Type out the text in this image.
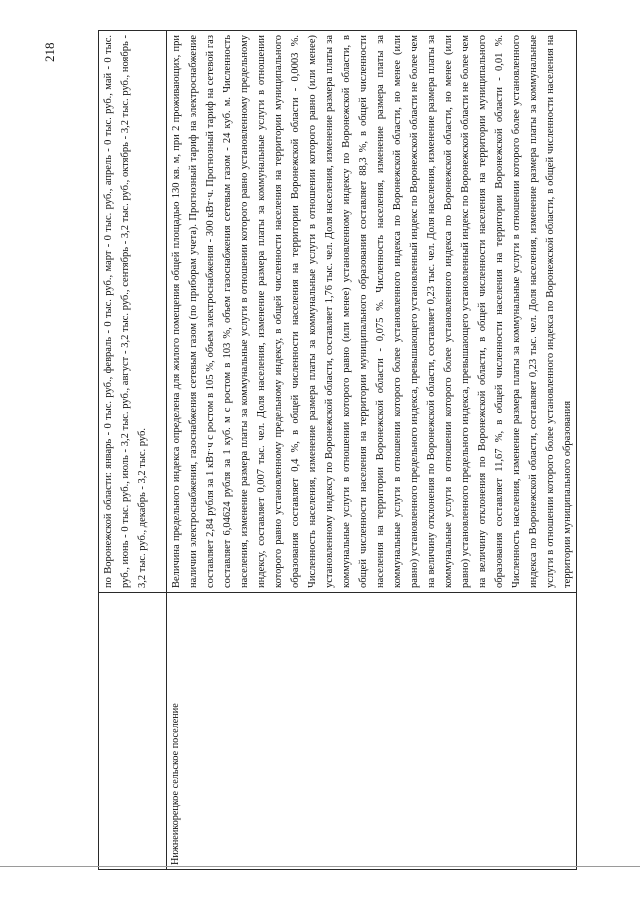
218
		по Воронежской области: январь - 0 тыс. руб., февраль - 0 тыс. руб., март - 0 тыс. руб., апрель - 0 тыс. руб., май - 0 тыс. руб., июнь - 0 тыс. руб., июль - 3,2 тыс. руб., август - 3,2 тыс. руб., сентябрь - 3,2 тыс. руб., октябрь - 3,2 тыс. руб., ноябрь - 3,2 тыс. руб., декабрь - 3,2 тыс. руб.
Нижнеикорецкое сельское поселение	Величина предельного индекса определена для жилого помещения общей площадью 130 кв. м, при 2 проживающих, при наличии электроснабжения, газоснабжения сетевым газом (по приборам учета). Прогнозный тариф на электроснабжение составляет 2,84 рубля за 1 кВт·ч с ростом в 105 %, объем электроснабжения - 300 кВт·ч. Прогнозный тариф на сетевой газ составляет 6,04624 рубля за 1 куб. м с ростом в 103 %, объем газоснабжения сетевым газом - 24 куб. м. Численность населения, изменение размера платы за коммунальные услуги в отношении которого равно установленному предельному индексу, составляет 0,007 тыс. чел. Доля населения, изменение размера платы за коммунальные услуги в отношении которого равно установленному предельному индексу, в общей численности населения на территории муниципального образования составляет 0,4 %, в общей численности населения на территории Воронежской области - 0,0003 %. Численность населения, изменение размера платы за коммунальные услуги в отношении которого равно (или менее) установленному индексу по Воронежской области, составляет 1,76 тыс. чел. Доля населения, изменение размера платы за коммунальные услуги в отношении которого равно (или менее) установленному индексу по Воронежской области, в общей численности населения на территории муниципального образования составляет 88,3 %, в общей численности населения на территории Воронежской области - 0,075 %. Численность населения, изменение размера платы за коммунальные услуги в отношении которого более установленного индекса по Воронежской области, но менее (или равно) установленного предельного индекса, превышающего установленный индекс по Воронежской области не более чем на величину отклонения по Воронежской области, составляет 0,23 тыс. чел. Доля населения, изменение размера платы за коммунальные услуги в отношении которого более установленного индекса по Воронежской области, но менее (или равно) установленного предельного индекса, превышающего установленный индекс по Воронежской области не более чем на величину отклонения по Воронежской области, в общей численности населения на территории муниципального образования составляет 11,67 %, в общей численности населения на территории Воронежской области - 0,01 %. Численность населения, изменение размера платы за коммунальные услуги в отношении которого более установленного индекса по Воронежской области, составляет 0,23 тыс. чел. Доля населения, изменение размера платы за коммунальные услуги в отношении которого более установленного индекса по Воронежской области, в общей численности населения на территории муниципального образования
